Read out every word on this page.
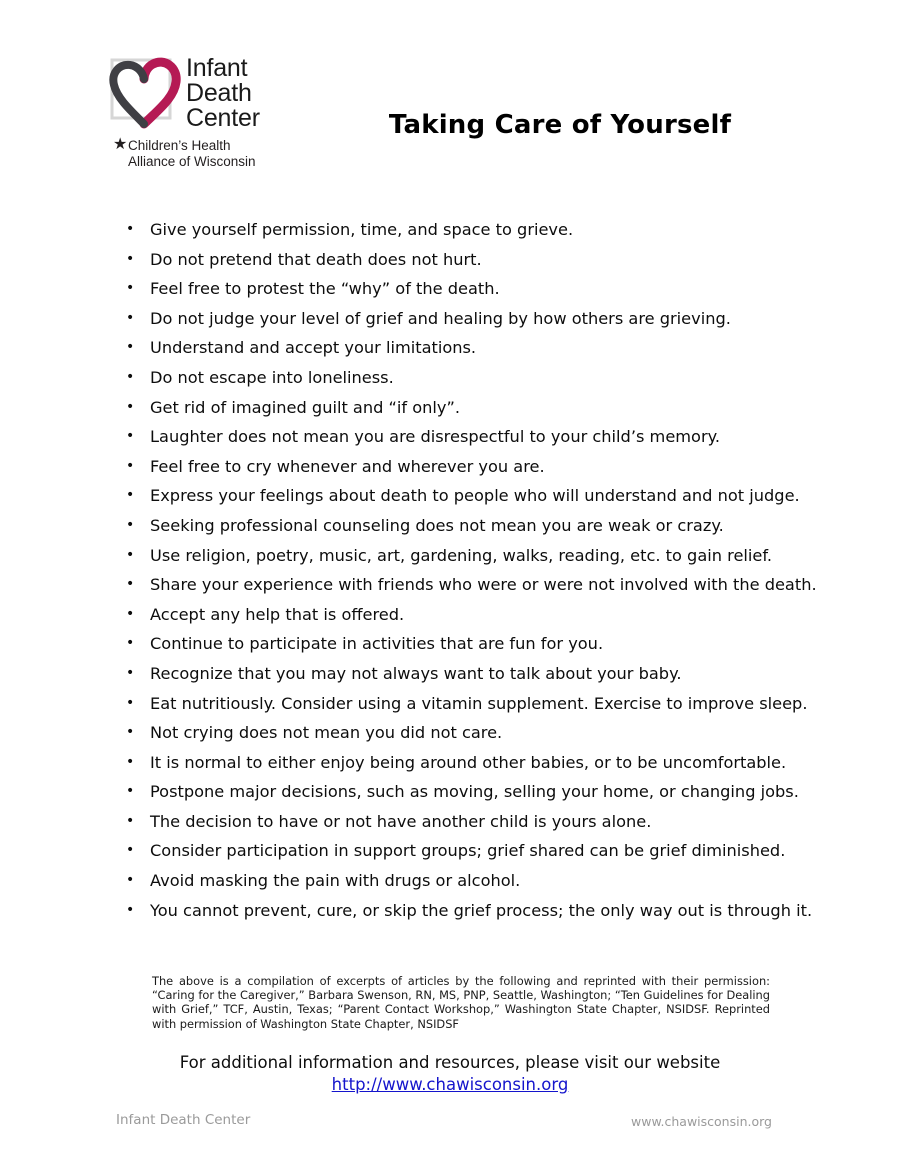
Infant
Death
Center
★ Children’s Health
Alliance of Wisconsin
Taking Care of Yourself
• Give yourself permission, time, and space to grieve.
• Do not pretend that death does not hurt.
• Feel free to protest the “why” of the death.
• Do not judge your level of grief and healing by how others are grieving.
• Understand and accept your limitations.
• Do not escape into loneliness.
• Get rid of imagined guilt and “if only”.
• Laughter does not mean you are disrespectful to your child’s memory.
• Feel free to cry whenever and wherever you are.
• Express your feelings about death to people who will understand and not judge.
• Seeking professional counseling does not mean you are weak or crazy.
• Use religion, poetry, music, art, gardening, walks, reading, etc. to gain relief.
• Share your experience with friends who were or were not involved with the death.
• Accept any help that is offered.
• Continue to participate in activities that are fun for you.
• Recognize that you may not always want to talk about your baby.
• Eat nutritiously. Consider using a vitamin supplement. Exercise to improve sleep.
• Not crying does not mean you did not care.
• It is normal to either enjoy being around other babies, or to be uncomfortable.
• Postpone major decisions, such as moving, selling your home, or changing jobs.
• The decision to have or not have another child is yours alone.
• Consider participation in support groups; grief shared can be grief diminished.
• Avoid masking the pain with drugs or alcohol.
• You cannot prevent, cure, or skip the grief process; the only way out is through it.
The above is a compilation of excerpts of articles by the following and reprinted with their permission: “Caring for the Caregiver,” Barbara Swenson, RN, MS, PNP, Seattle, Washington; “Ten Guidelines for Dealing with Grief,” TCF, Austin, Texas; “Parent Contact Workshop,” Washington State Chapter, NSIDSF. Reprinted with permission of Washington State Chapter, NSIDSF
For additional information and resources, please visit our website
http://www.chawisconsin.org
Infant Death Center	www.chawisconsin.org
